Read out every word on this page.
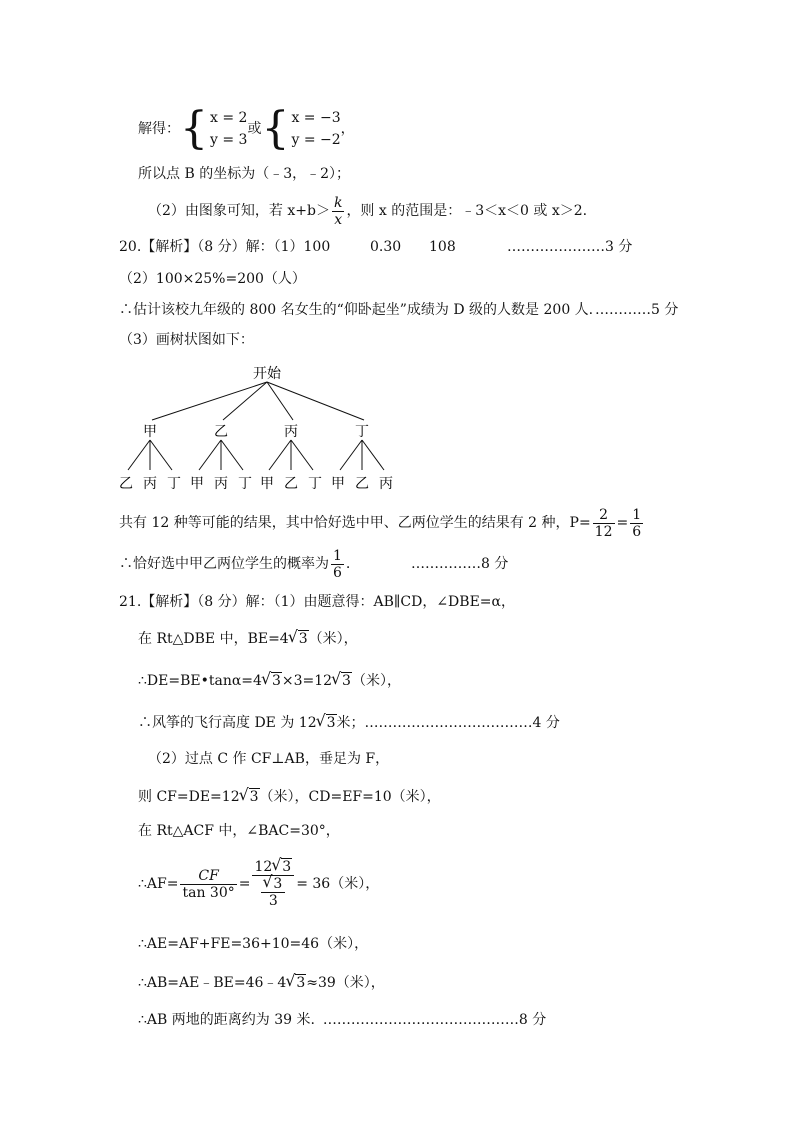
解得：{ x = 2
y = 3
或{ x = −3
y = −2
，
所以点 B 的坐标为（﹣3，﹣2）；
（2）由图象可知，若 $x+b> \frac{k}{x}$ ，则 x 的范围是：﹣3＜x＜0 或 x＞2.
20.【解析】（8 分）解：（1）100	0.30 108	…………………3 分
（2）100×25%=200（人）
∴估计该校九年级的 800 名女生的“仰卧起坐”成绩为 D 级的人数是 200 人. …………5 分
（3）画树状图如下：
开始
甲	乙	丙	丁
乙 丙 丁 甲 丙 丁 甲 乙 丁 甲 乙 丙
共有 12 种等可能的结果，其中恰好选中甲、乙两位学生的结果有 2 种，$P= \frac{2}{12} = \frac{1}{6}$
∴恰好选中甲乙两位学生的概率为 $\frac{1}{6}$ .	……………8 分
21.【解析】（8 分）解：（1）由题意得：AB∥CD，∠DBE=α，
在 Rt△DBE 中，BE=4√ 3（米），
∴DE=BE•tanα=4√ 3×3=12√ 3（米），
∴风筝的飞行高度 DE 为 12√ 3米；………………………………4 分
（2）过点 C 作 CF⊥AB，垂足为 F，
则 CF=DE=12√ 3（米），CD=EF=10（米），
在 Rt△ACF 中，∠BAC=30°，
∴AF= $\frac{CF}{\tan 30^\circ} = 12√$ 3
√ $\frac{3}{3} = 36$（米），
∴AE=AF+FE=36+10=46（米），
∴AB=AE﹣BE=46﹣4√ 3≈39（米），
∴AB 两地的距离约为 39 米. ……………………………………8 分
